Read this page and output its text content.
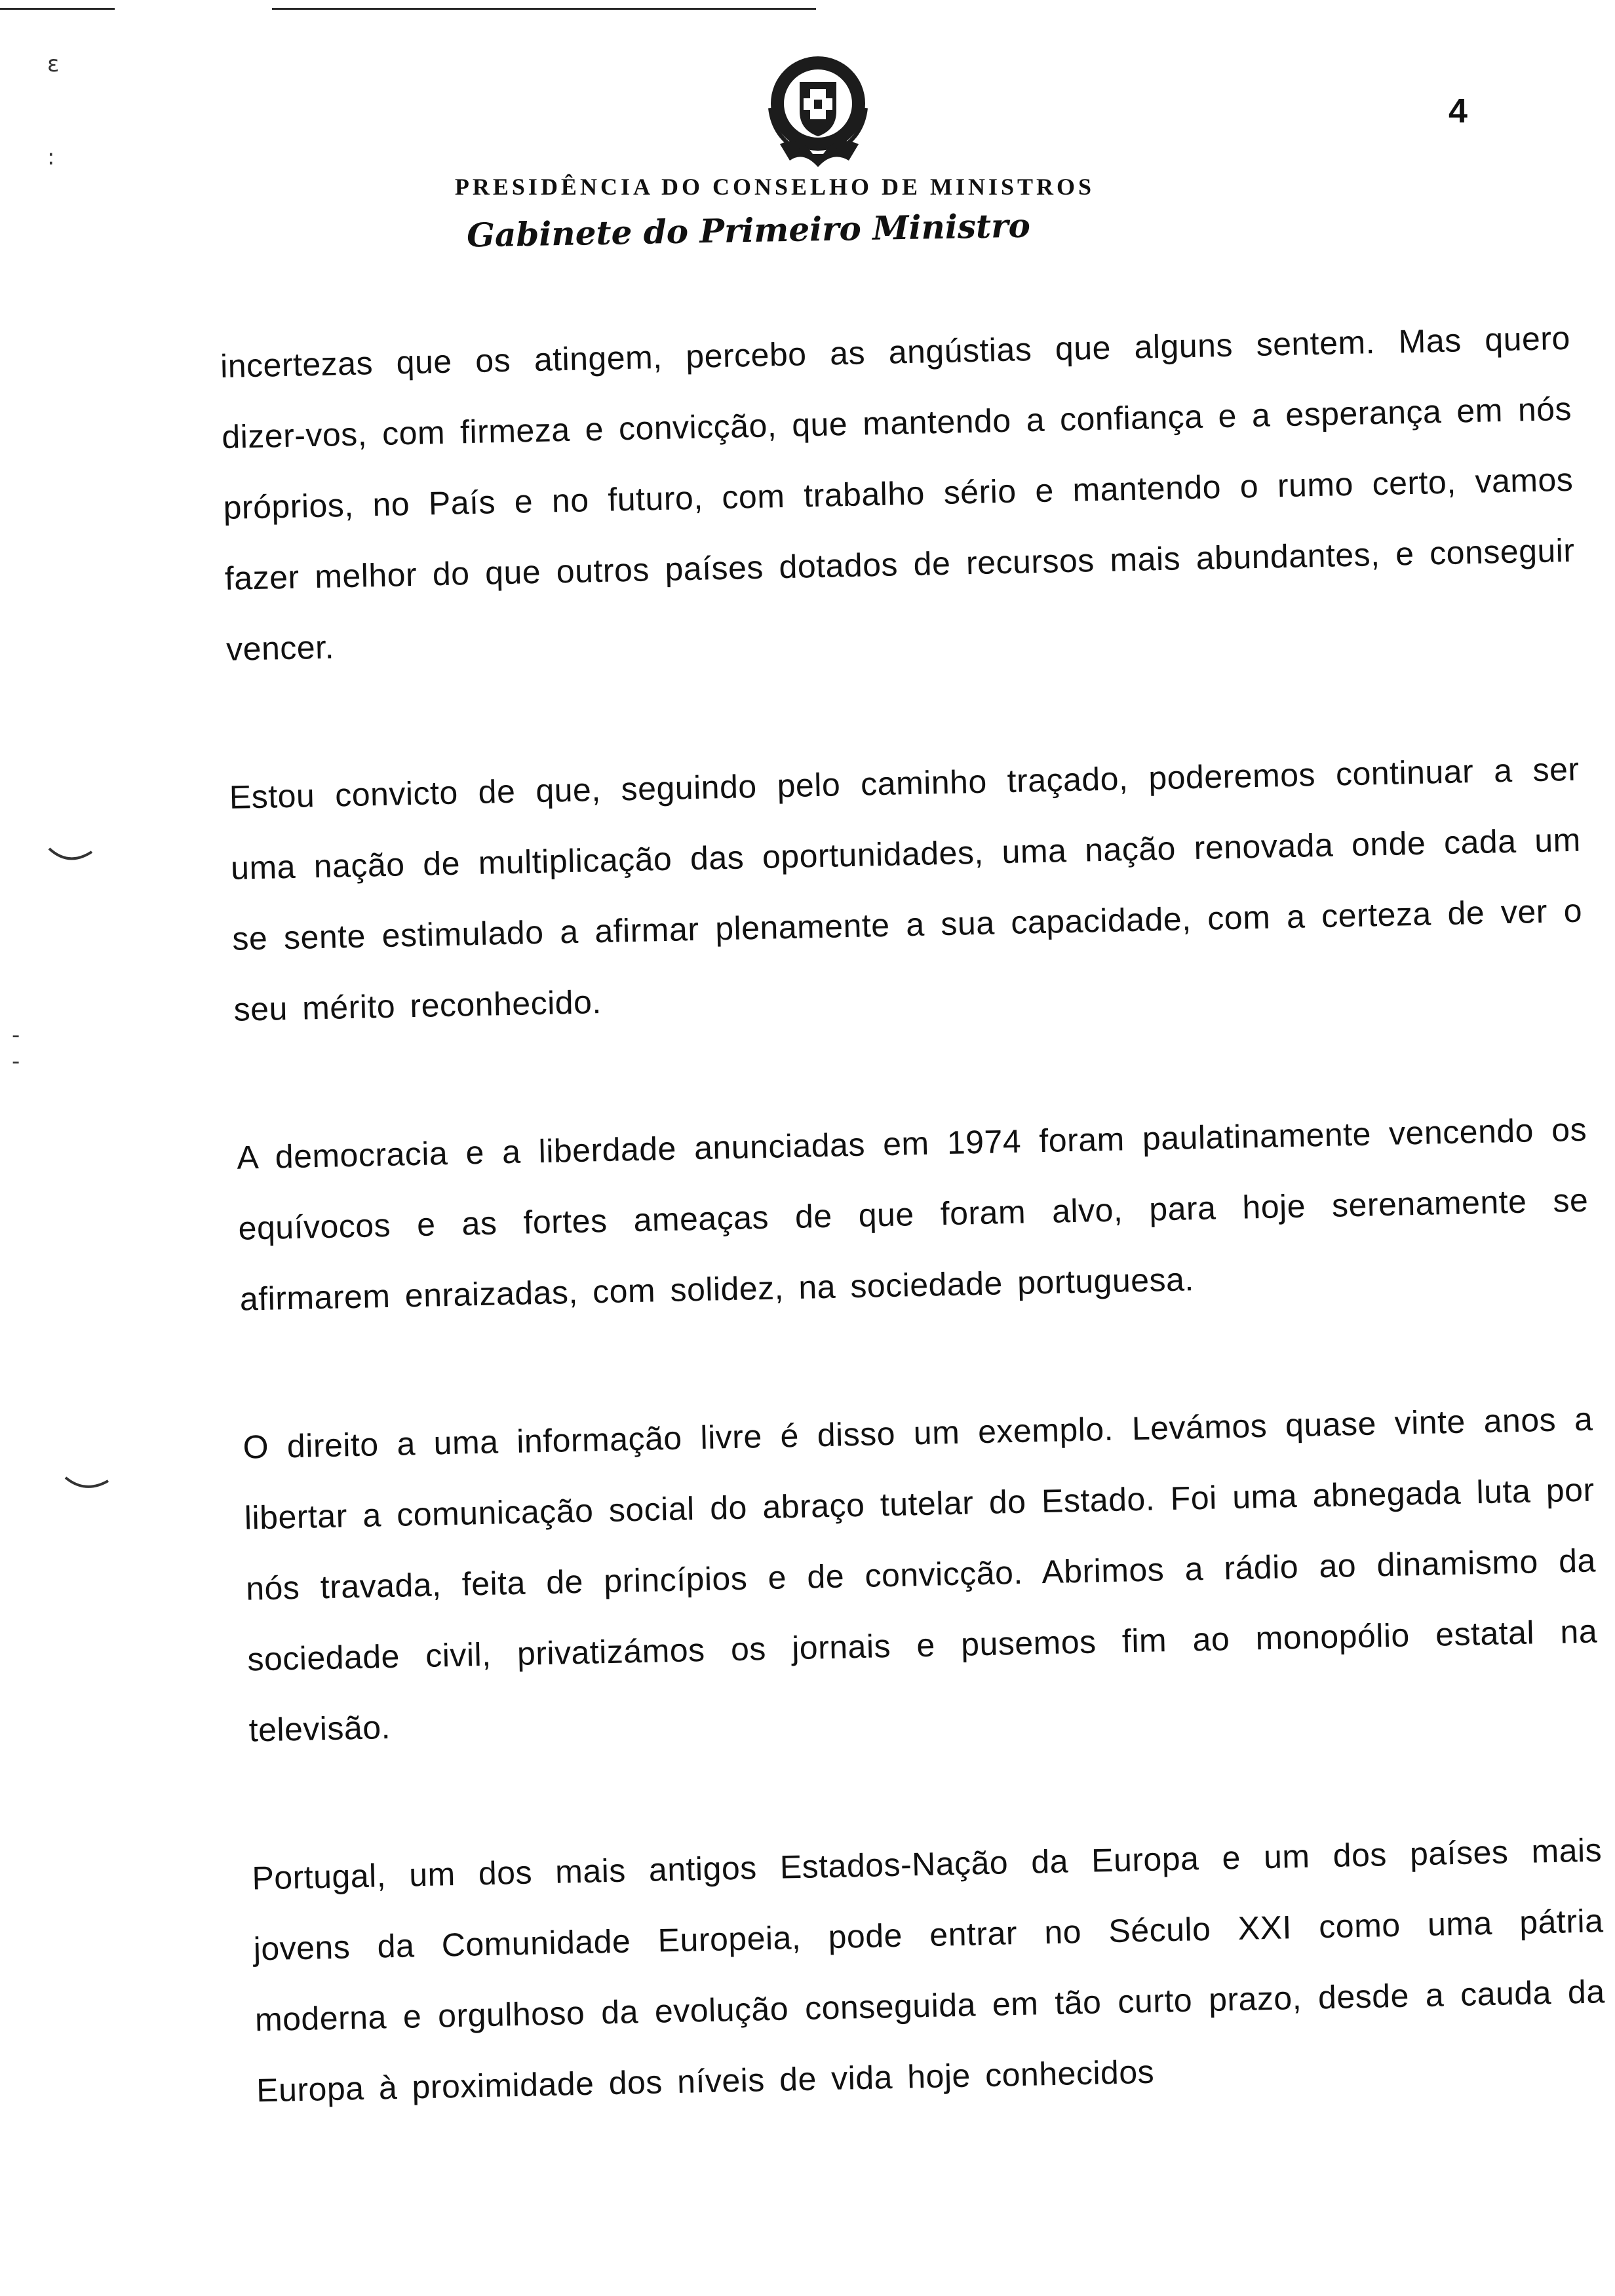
ε
:
-
-
4
PRESIDÊNCIA DO CONSELHO DE MINISTROS
Gabinete do Primeiro Ministro

incertezas que os atingem, percebo as angústias que alguns sentem. Mas quero dizer-vos, com firmeza e convicção, que mantendo a confiança e a esperança em nós próprios, no País e no futuro, com trabalho sério e mantendo o rumo certo, vamos fazer melhor do que outros países dotados de recursos mais abundantes, e conseguir vencer.

Estou convicto de que, seguindo pelo caminho traçado, poderemos continuar a ser uma nação de multiplicação das oportunidades, uma nação renovada onde cada um se sente estimulado a afirmar plenamente a sua capacidade, com a certeza de ver o seu mérito reconhecido.

A democracia e a liberdade anunciadas em 1974 foram paulatinamente vencendo os equívocos e as fortes ameaças de que foram alvo, para hoje serenamente se afirmarem enraizadas, com solidez, na sociedade portuguesa.

O direito a uma informação livre é disso um exemplo. Levámos quase vinte anos a libertar a comunicação social do abraço tutelar do Estado. Foi uma abnegada luta por nós travada, feita de princípios e de convicção. Abrimos a rádio ao dinamismo da sociedade civil, privatizámos os jornais e pusemos fim ao monopólio estatal na televisão.

Portugal, um dos mais antigos Estados-Nação da Europa e um dos países mais jovens da Comunidade Europeia, pode entrar no Século XXI como uma pátria moderna e orgulhoso da evolução conseguida em tão curto prazo, desde a cauda da Europa à proximidade dos níveis de vida hoje conhecidos
